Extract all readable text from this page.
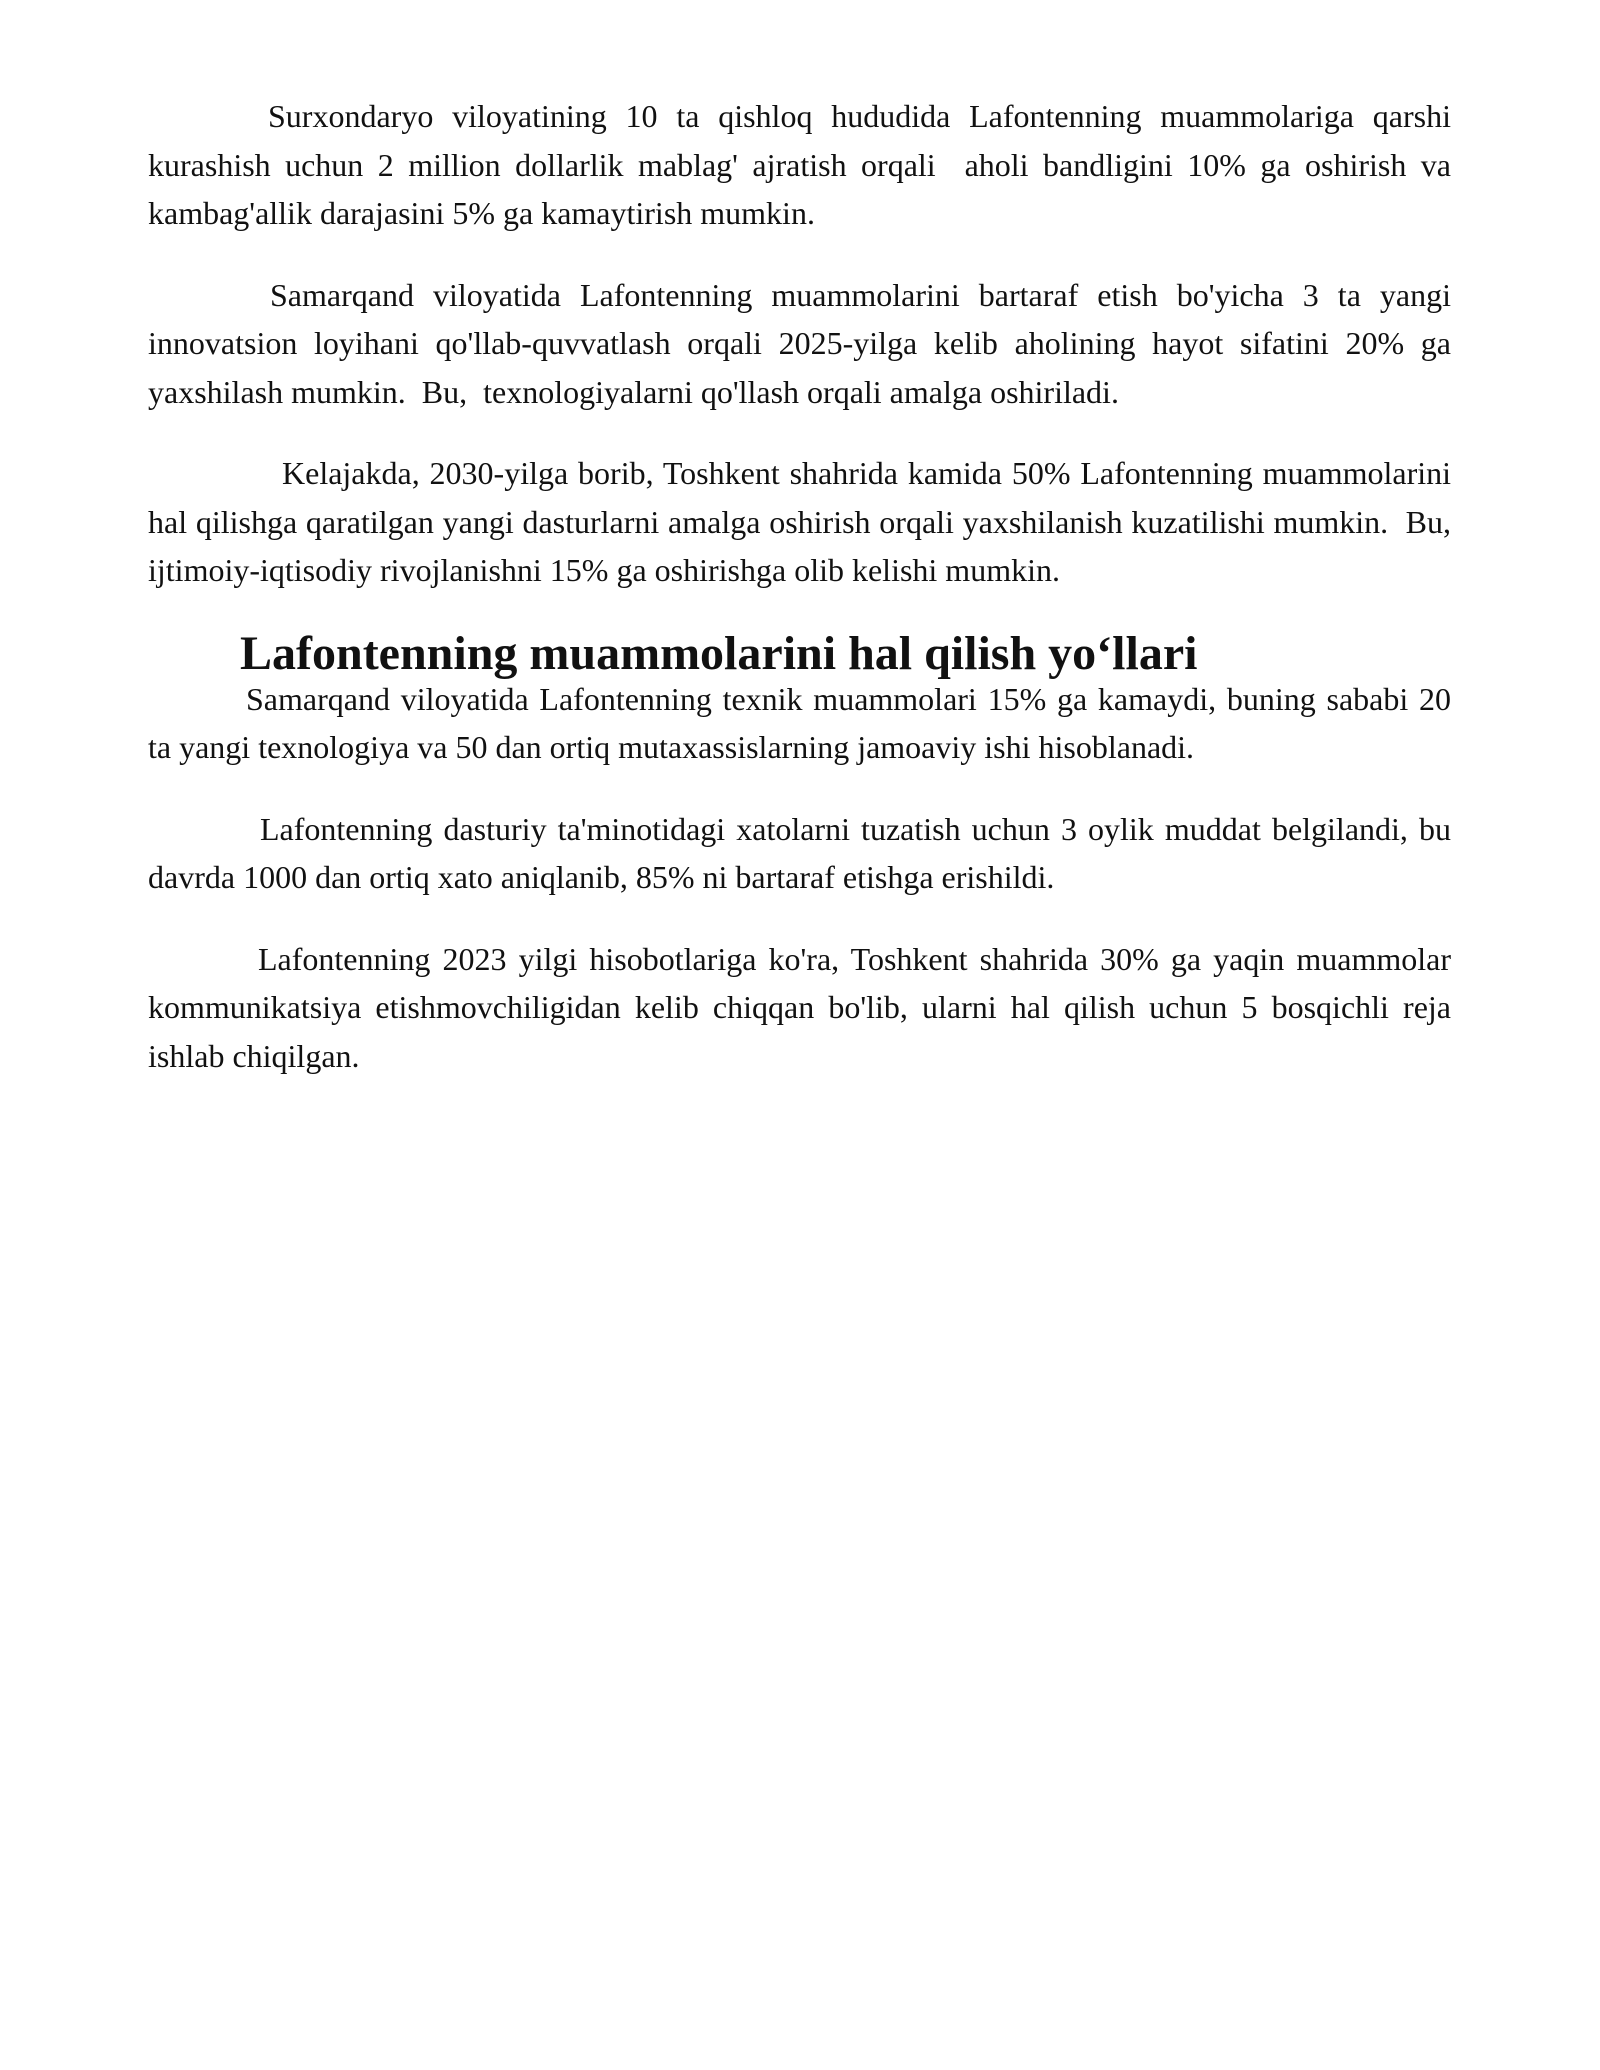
Surxondaryo viloyatining 10 ta qishloq hududida Lafontenning muammolariga qarshi kurashish uchun 2 million dollarlik mablag' ajratish orqali  aholi bandligini 10% ga oshirish va kambag'allik darajasini 5% ga kamaytirish mumkin.

Samarqand viloyatida Lafontenning muammolarini bartaraf etish bo'yicha 3 ta yangi innovatsion loyihani qo'llab-quvvatlash orqali 2025-yilga kelib aholining hayot sifatini 20% ga yaxshilash mumkin.  Bu,  texnologiyalarni qo'llash orqali amalga oshiriladi.

Kelajakda, 2030-yilga borib, Toshkent shahrida kamida 50% Lafontenning muammolarini hal qilishga qaratilgan yangi dasturlarni amalga oshirish orqali yaxshilanish kuzatilishi mumkin.  Bu,  ijtimoiy-iqtisodiy rivojlanishni 15% ga oshirishga olib kelishi mumkin.

Lafontenning muammolarini hal qilish yo‘llari

Samarqand viloyatida Lafontenning texnik muammolari 15% ga kamaydi, buning sababi 20 ta yangi texnologiya va 50 dan ortiq mutaxassislarning jamoaviy ishi hisoblanadi.

Lafontenning dasturiy ta'minotidagi xatolarni tuzatish uchun 3 oylik muddat belgilandi, bu davrda 1000 dan ortiq xato aniqlanib, 85% ni bartaraf etishga erishildi.

Lafontenning 2023 yilgi hisobotlariga ko'ra, Toshkent shahrida 30% ga yaqin muammolar kommunikatsiya etishmovchiligidan kelib chiqqan bo'lib, ularni hal qilish uchun 5 bosqichli reja ishlab chiqilgan.
